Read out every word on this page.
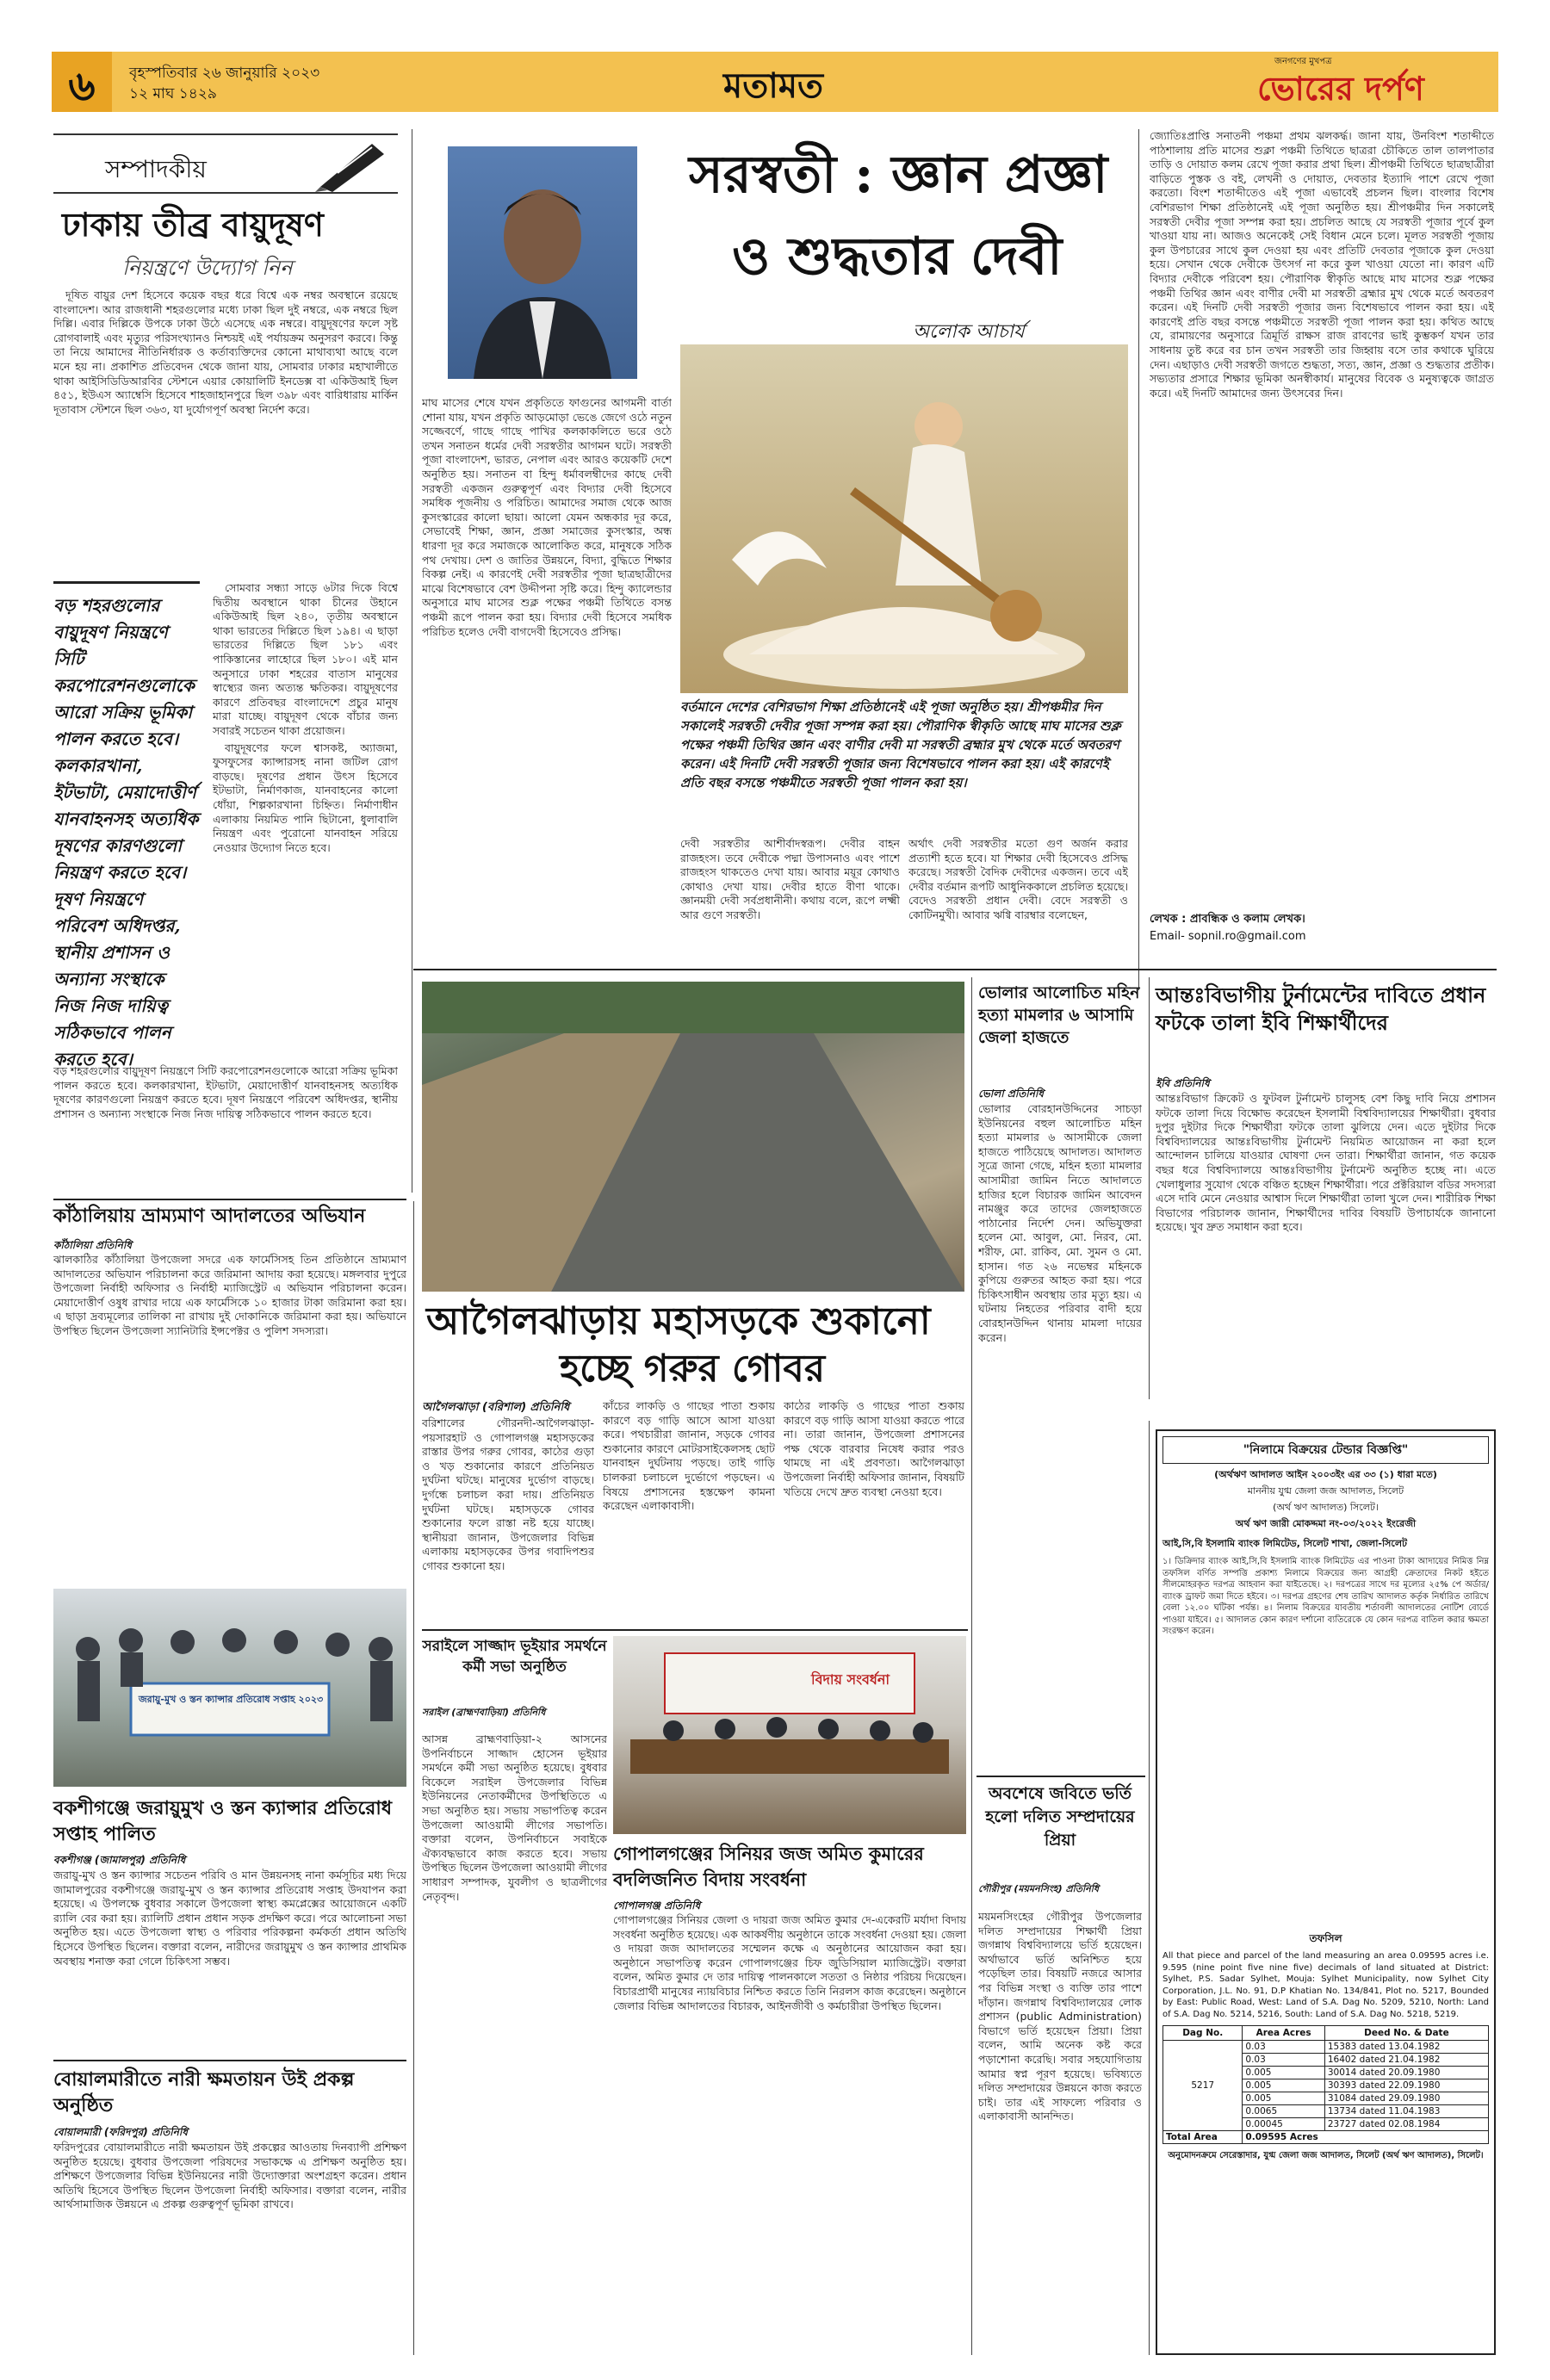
৬	বৃহস্পতিবার ২৬ জানুয়ারি ২০২৩
১২ মাঘ ১৪২৯	মতামত
জনগণের মুখপত্র
ভোরের দর্পণ
সম্পাদকীয়
ঢাকায় তীব্র বায়ুদূষণ
নিয়ন্ত্রণে উদ্যোগ নিন

দূষিত বায়ুর দেশ হিসেবে কয়েক বছর ধরে বিশ্বে এক নম্বর অবস্থানে রয়েছে বাংলাদেশ। আর রাজধানী শহরগুলোর মধ্যে ঢাকা ছিল দুই নম্বরে, এক নম্বরে ছিল দিল্লি। এবার দিল্লিকে উপকে ঢাকা উঠে এসেছে এক নম্বরে। বায়ুদূষণের ফলে সৃষ্ট রোগবালাই এবং মৃত্যুর পরিসংখ্যানও নিশ্চয়ই এই পর্যায়ক্রম অনুসরণ করবে। কিন্তু তা নিয়ে আমাদের নীতিনির্ধারক ও কর্তাব্যক্তিদের কোনো মাথাব্যথা আছে বলে মনে হয় না। প্রকাশিত প্রতিবেদন থেকে জানা যায়, সোমবার ঢাকার মহাখালীতে থাকা আইসিডিডিআরবির স্টেশনে এয়ার কোয়ালিটি ইনডেক্স বা একিউআই ছিল ৪৫১, ইউএস অ্যাম্বেসি হিসেবে শাহজাহানপুরে ছিল ৩৯৮ এবং বারিধারায় মার্কিন দূতাবাস স্টেশনে ছিল ৩৬৩, যা দুর্যোগপূর্ণ অবস্থা নির্দেশ করে।

বড় শহরগুলোর বায়ুদূষণ নিয়ন্ত্রণে সিটি করপোরেশনগুলোকে আরো সক্রিয় ভূমিকা পালন করতে হবে। কলকারখানা, ইটভাটা, মেয়াদোত্তীর্ণ যানবাহনসহ অত্যধিক দূষণের কারণগুলো নিয়ন্ত্রণ করতে হবে। দূষণ নিয়ন্ত্রণে পরিবেশ অধিদপ্তর, স্থানীয় প্রশাসন ও অন্যান্য সংস্থাকে নিজ নিজ দায়িত্ব সঠিকভাবে পালন করতে হবে।

সোমবার সন্ধ্যা সাড়ে ৬টার দিকে বিশ্বে দ্বিতীয় অবস্থানে থাকা চীনের উহানে একিউআই ছিল ২৪০, তৃতীয় অবস্থানে থাকা ভারতের দিল্লিতে ছিল ১৯৪। এ ছাড়া ভারতের দিল্লিতে ছিল ১৮১ এবং পাকিস্তানের লাহোরে ছিল ১৮০। এই মান অনুসারে ঢাকা শহরের বাতাস মানুষের স্বাস্থ্যের জন্য অত্যন্ত ক্ষতিকর। বায়ুদূষণের কারণে প্রতিবছর বাংলাদেশে প্রচুর মানুষ মারা যাচ্ছে। বায়ুদূষণ থেকে বাঁচার জন্য সবারই সচেতন থাকা প্রয়োজন।

বায়ুদূষণের ফলে শ্বাসকষ্ট, অ্যাজমা, ফুসফুসের ক্যান্সারসহ নানা জটিল রোগ বাড়ছে। দূষণের প্রধান উৎস হিসেবে ইটভাটা, নির্মাণকাজ, যানবাহনের কালো ধোঁয়া, শিল্পকারখানা চিহ্নিত। নির্মাণাধীন এলাকায় নিয়মিত পানি ছিটানো, ধুলাবালি নিয়ন্ত্রণ এবং পুরোনো যানবাহন সরিয়ে নেওয়ার উদ্যোগ নিতে হবে।

বড় শহরগুলোর বায়ুদূষণ নিয়ন্ত্রণে সিটি করপোরেশনগুলোকে আরো সক্রিয় ভূমিকা পালন করতে হবে। কলকারখানা, ইটভাটা, মেয়াদোত্তীর্ণ যানবাহনসহ অত্যধিক দূষণের কারণগুলো নিয়ন্ত্রণ করতে হবে। দূষণ নিয়ন্ত্রণে পরিবেশ অধিদপ্তর, স্থানীয় প্রশাসন ও অন্যান্য সংস্থাকে নিজ নিজ দায়িত্ব সঠিকভাবে পালন করতে হবে।
সরস্বতী : জ্ঞান প্রজ্ঞা
ও শুদ্ধতার দেবী
অলোক আচার্য
মাঘ মাসের শেষে যখন প্রকৃতিতে ফাগুনের আগমনী বার্তা শোনা যায়, যখন প্রকৃতি আড়মোড়া ভেঙে জেগে ওঠে নতুন সজ্জেবর্ণে, গাছে গাছে পাখির কলকাকলিতে ভরে ওঠে তখন সনাতন ধর্মের দেবী সরস্বতীর আগমন ঘটে। সরস্বতী পূজা বাংলাদেশ, ভারত, নেপাল এবং আরও কয়েকটি দেশে অনুষ্ঠিত হয়। সনাতন বা হিন্দু ধর্মাবলম্বীদের কাছে দেবী সরস্বতী একজন গুরুত্বপূর্ণ এবং বিদ্যার দেবী হিসেবে সমধিক পূজনীয় ও পরিচিত। আমাদের সমাজ থেকে আজ কুসংস্কারের কালো ছায়া। আলো যেমন অন্ধকার দূর করে, সেভাবেই শিক্ষা, জ্ঞান, প্রজ্ঞা সমাজের কুসংস্কার, অন্ধ ধারণা দূর করে সমাজকে আলোকিত করে, মানুষকে সঠিক পথ দেখায়। দেশ ও জাতির উন্নয়নে, বিদ্যা, বুদ্ধিতে শিক্ষার বিকল্প নেই। এ কারণেই দেবী সরস্বতীর পূজা ছাত্রছাত্রীদের মাঝে বিশেষভাবে বেশ উদ্দীপনা সৃষ্টি করে। হিন্দু ক্যালেন্ডার অনুসারে মাঘ মাসের শুক্ল পক্ষের পঞ্চমী তিথিতে বসন্ত পঞ্চমী রূপে পালন করা হয়। বিদ্যার দেবী হিসেবে সমধিক পরিচিত হলেও দেবী বাগদেবী হিসেবেও প্রসিদ্ধ।
বর্তমানে দেশের বেশিরভাগ শিক্ষা প্রতিষ্ঠানেই এই পূজা অনুষ্ঠিত হয়। শ্রীপঞ্চমীর দিন সকালেই সরস্বতী দেবীর পূজা সম্পন্ন করা হয়। পৌরাণিক স্বীকৃতি আছে মাঘ মাসের শুক্ল পক্ষের পঞ্চমী তিথির জ্ঞান এবং বাণীর দেবী মা সরস্বতী ব্রহ্মার মুখ থেকে মর্তে অবতরণ করেন। এই দিনটি দেবী সরস্বতী পূজার জন্য বিশেষভাবে পালন করা হয়। এই কারণেই প্রতি বছর বসন্তে পঞ্চমীতে সরস্বতী পূজা পালন করা হয়।
দেবী সরস্বতীর আশীর্বাদস্বরূপ। দেবীর বাহন রাজহংস। তবে দেবীকে পদ্মা উপাসনাও এবং পাশে রাজহংস থাকতেও দেখা যায়। আবার ময়ূর কোথাও কোথাও দেখা যায়। দেবীর হাতে বীণা থাকে। জ্ঞানময়ী দেবী সর্বপ্রধানীনী। কথায় বলে, রূপে লক্ষ্মী আর গুণে সরস্বতী।
অর্থাৎ দেবী সরস্বতীর মতো গুণ অর্জন করার প্রত্যাশী হতে হবে। যা শিক্ষার দেবী হিসেবেও প্রসিদ্ধ করেছে। সরস্বতী বৈদিক দেবীদের একজন। তবে এই দেবীর বর্তমান রূপটি আধুনিককালে প্রচলিত হয়েছে। বেদেও সরস্বতী প্রধান দেবী। বেদে সরস্বতী ও কোটিনমুখী। আবার ঋগ্বি বারম্বার বলেছেন,
জ্যোতিঃপ্রাপ্তি সনাতনী পঞ্চমা প্রথম ঝলকর্দ্ধ। জানা যায়, উনবিংশ শতাব্দীতে পাঠশালায় প্রতি মাসের শুক্লা পঞ্চমী তিথিতে ছাত্ররা চৌকিতে তাল তালপাতার তাড়ি ও দোয়াত কলম রেখে পূজা করার প্রথা ছিল। শ্রীপঞ্চমী তিথিতে ছাত্রছাত্রীরা বাড়িতে পুস্তক ও বই, লেখনী ও দোয়াত, দেবতার ইত্যাদি পাশে রেখে পূজা করতো। বিংশ শতাব্দীতেও এই পূজা এভাবেই প্রচলন ছিল। বাংলার বিশেষ বেশিরভাগ শিক্ষা প্রতিষ্ঠানেই এই পূজা অনুষ্ঠিত হয়। শ্রীপঞ্চমীর দিন সকালেই সরস্বতী দেবীর পূজা সম্পন্ন করা হয়। প্রচলিত আছে যে সরস্বতী পূজার পূর্বে কুল খাওয়া যায় না। আজও অনেকেই সেই বিধান মেনে চলে। মূলত সরস্বতী পূজায় কুল উপচারের সাথে কুল দেওয়া হয় এবং প্রতিটি দেবতার পূজাকে কুল দেওয়া হয়ে। সেখান থেকে দেবীকে উৎসর্গ না করে কুল খাওয়া যেতো না। কারণ এটি বিদ্যার দেবীকে পরিবেশ হয়। পৌরাণিক স্বীকৃতি আছে মাঘ মাসের শুক্ল পক্ষের পঞ্চমী তিথির জ্ঞান এবং বাণীর দেবী মা সরস্বতী ব্রহ্মার মুখ থেকে মর্তে অবতরণ করেন। এই দিনটি দেবী সরস্বতী পূজার জন্য বিশেষভাবে পালন করা হয়। এই কারণেই প্রতি বছর বসন্তে পঞ্চমীতে সরস্বতী পূজা পালন করা হয়। কথিত আছে যে, রামায়ণের অনুসারে ত্রিমূর্তি রাক্ষস রাজ রাবণের ভাই কুম্ভকর্ণ যখন তার সাধনায় তুষ্ট করে বর চান তখন সরস্বতী তার জিহ্বায় বসে তার কথাকে ঘুরিয়ে দেন। এছাড়াও দেবী সরস্বতী জগতে শুদ্ধতা, সত্য, জ্ঞান, প্রজ্ঞা ও শুদ্ধতার প্রতীক। সভ্যতার প্রসারে শিক্ষার ভূমিকা অনস্বীকার্য। মানুষের বিবেক ও মনুষ্যত্বকে জাগ্রত করে। এই দিনটি আমাদের জন্য উৎসবের দিন।
লেখক : প্রাবন্ধিক ও কলাম লেখক।
Email- sopnil.ro@gmail.com
আগৈলঝাড়ায় মহাসড়কে শুকানো
হচ্ছে গরুর গোবর
আগৈলঝাড়া (বরিশাল) প্রতিনিধি
বরিশালের গৌরনদী-আগৈলঝাড়া-পয়সারহাট ও গোপালগঞ্জ মহাসড়কের রাস্তার উপর গরুর গোবর, কাঠের গুড়া ও খড় শুকানোর কারণে প্রতিনিয়ত দুর্ঘটনা ঘটছে। মানুষের দুর্ভোগ বাড়ছে। দুর্গন্ধে চলাচল করা দায়। প্রতিনিয়ত দুর্ঘটনা ঘটছে। মহাসড়কে গোবর শুকানোর ফলে রাস্তা নষ্ট হয়ে যাচ্ছে। স্থানীয়রা জানান, উপজেলার বিভিন্ন এলাকায় মহাসড়কের উপর গবাদিপশুর গোবর শুকানো হয়।
কাঁচের লাকড়ি ও গাছের পাতা শুকায় কারণে বড় গাড়ি আসে আসা যাওয়া করে। পথচারীরা জানান, সড়কে গোবর শুকানোর কারণে মোটরসাইকেলসহ ছোট যানবাহন দুর্ঘটনায় পড়ছে। তাই গাড়ি চালকরা চলাচলে দুর্ভোগে পড়ছেন। এ বিষয়ে প্রশাসনের হস্তক্ষেপ কামনা করেছেন এলাকাবাসী।
কাঠের লাকড়ি ও গাছের পাতা শুকায় কারণে বড় গাড়ি আসা যাওয়া করতে পারে না। তারা জানান, উপজেলা প্রশাসনের পক্ষ থেকে বারবার নিষেধ করার পরও থামছে না এই প্রবণতা। আগৈলঝাড়া উপজেলা নির্বাহী অফিসার জানান, বিষয়টি খতিয়ে দেখে দ্রুত ব্যবস্থা নেওয়া হবে।
ভোলার আলোচিত মহিন হত্যা মামলার ৬ আসামি জেলা হাজতে
ভোলা প্রতিনিধি
ভোলার বোরহানউদ্দিনের সাচড়া ইউনিয়নের বহুল আলোচিত মহিন হত্যা মামলার ৬ আসামীকে জেলা হাজতে পাঠিয়েছে আদালত। আদালত সূত্রে জানা গেছে, মহিন হত্যা মামলার আসামীরা জামিন নিতে আদালতে হাজির হলে বিচারক জামিন আবেদন নামঞ্জুর করে তাদের জেলহাজতে পাঠানোর নির্দেশ দেন। অভিযুক্তরা হলেন মো. আবুল, মো. নিরব, মো. শরীফ, মো. রাকিব, মো. সুমন ও মো. হাসান। গত ২৬ নভেম্বর মহিনকে কুপিয়ে গুরুতর আহত করা হয়। পরে চিকিৎসাধীন অবস্থায় তার মৃত্যু হয়। এ ঘটনায় নিহতের পরিবার বাদী হয়ে বোরহানউদ্দিন থানায় মামলা দায়ের করেন।
আন্তঃবিভাগীয় টুর্নামেন্টের দাবিতে প্রধান ফটকে তালা ইবি শিক্ষার্থীদের
ইবি প্রতিনিধি
আন্তঃবিভাগ ক্রিকেট ও ফুটবল টুর্নামেন্ট চালুসহ বেশ কিছু দাবি নিয়ে প্রশাসন ফটকে তালা দিয়ে বিক্ষোভ করেছেন ইসলামী বিশ্ববিদ্যালয়ের শিক্ষার্থীরা। বুধবার দুপুর দুইটার দিকে শিক্ষার্থীরা ফটকে তালা ঝুলিয়ে দেন। এতে দুইটার দিকে বিশ্ববিদ্যালয়ের আন্তঃবিভাগীয় টুর্নামেন্ট নিয়মিত আয়োজন না করা হলে আন্দোলন চালিয়ে যাওয়ার ঘোষণা দেন তারা। শিক্ষার্থীরা জানান, গত কয়েক বছর ধরে বিশ্ববিদ্যালয়ে আন্তঃবিভাগীয় টুর্নামেন্ট অনুষ্ঠিত হচ্ছে না। এতে খেলাধুলার সুযোগ থেকে বঞ্চিত হচ্ছেন শিক্ষার্থীরা। পরে প্রক্টরিয়াল বডির সদস্যরা এসে দাবি মেনে নেওয়ার আশ্বাস দিলে শিক্ষার্থীরা তালা খুলে দেন। শারীরিক শিক্ষা বিভাগের পরিচালক জানান, শিক্ষার্থীদের দাবির বিষয়টি উপাচার্যকে জানানো হয়েছে। খুব দ্রুত সমাধান করা হবে।
কাঁঠালিয়ায় ভ্রাম্যমাণ আদালতের অভিযান
কাঁঠালিয়া প্রতিনিধি
ঝালকাঠির কাঁঠালিয়া উপজেলা সদরে এক ফার্মেসিসহ তিন প্রতিষ্ঠানে ভ্রাম্যমাণ আদালতের অভিযান পরিচালনা করে জরিমানা আদায় করা হয়েছে। মঙ্গলবার দুপুরে উপজেলা নির্বাহী অফিসার ও নির্বাহী ম্যাজিস্ট্রেট এ অভিযান পরিচালনা করেন। মেয়াদোত্তীর্ণ ওষুধ রাখার দায়ে এক ফার্মেসিকে ১০ হাজার টাকা জরিমানা করা হয়। এ ছাড়া দ্রব্যমূল্যের তালিকা না রাখায় দুই দোকানিকে জরিমানা করা হয়। অভিযানে উপস্থিত ছিলেন উপজেলা স্যানিটারি ইন্সপেক্টর ও পুলিশ সদস্যরা।
জরায়ু-মুখ ও স্তন ক্যান্সার প্রতিরোধ সপ্তাহ ২০২৩
বকশীগঞ্জে জরায়ুমুখ ও স্তন ক্যান্সার প্রতিরোধ সপ্তাহ পালিত
বকশীগঞ্জ (জামালপুর) প্রতিনিধি
জরায়ু-মুখ ও স্তন ক্যান্সার সচেতন পরিবি ও মান উন্নয়নসহ নানা কর্মসূচির মধ্য দিয়ে জামালপুরের বকশীগঞ্জে জরায়ু-মুখ ও স্তন ক্যান্সার প্রতিরোধ সপ্তাহ উদযাপন করা হয়েছে। এ উপলক্ষে বুধবার সকালে উপজেলা স্বাস্থ্য কমপ্লেক্সের আয়োজনে একটি র‌্যালি বের করা হয়। র‌্যালিটি প্রধান প্রধান সড়ক প্রদক্ষিণ করে। পরে আলোচনা সভা অনুষ্ঠিত হয়। এতে উপজেলা স্বাস্থ্য ও পরিবার পরিকল্পনা কর্মকর্তা প্রধান অতিথি হিসেবে উপস্থিত ছিলেন। বক্তারা বলেন, নারীদের জরায়ুমুখ ও স্তন ক্যান্সার প্রাথমিক অবস্থায় শনাক্ত করা গেলে চিকিৎসা সম্ভব।
বোয়ালমারীতে নারী ক্ষমতায়ন উই প্রকল্প অনুষ্ঠিত
বোয়ালমারী (ফরিদপুর) প্রতিনিধি
ফরিদপুরের বোয়ালমারীতে নারী ক্ষমতায়ন উই প্রকল্পের আওতায় দিনব্যাপী প্রশিক্ষণ অনুষ্ঠিত হয়েছে। বুধবার উপজেলা পরিষদের সভাকক্ষে এ প্রশিক্ষণ অনুষ্ঠিত হয়। প্রশিক্ষণে উপজেলার বিভিন্ন ইউনিয়নের নারী উদ্যোক্তারা অংশগ্রহণ করেন। প্রধান অতিথি হিসেবে উপস্থিত ছিলেন উপজেলা নির্বাহী অফিসার। বক্তারা বলেন, নারীর আর্থসামাজিক উন্নয়নে এ প্রকল্প গুরুত্বপূর্ণ ভূমিকা রাখবে।
সরাইলে সাজ্জাদ ভূইয়ার সমর্থনে কর্মী সভা অনুষ্ঠিত
সরাইল (ব্রাহ্মণবাড়িয়া) প্রতিনিধি
আসন্ন ব্রাহ্মণবাড়িয়া-২ আসনের উপনির্বাচনে সাজ্জাদ হোসেন ভূইয়ার সমর্থনে কর্মী সভা অনুষ্ঠিত হয়েছে। বুধবার বিকেলে সরাইল উপজেলার বিভিন্ন ইউনিয়নের নেতাকর্মীদের উপস্থিতিতে এ সভা অনুষ্ঠিত হয়। সভায় সভাপতিত্ব করেন উপজেলা আওয়ামী লীগের সভাপতি। বক্তারা বলেন, উপনির্বাচনে সবাইকে ঐক্যবদ্ধভাবে কাজ করতে হবে। সভায় উপস্থিত ছিলেন উপজেলা আওয়ামী লীগের সাধারণ সম্পাদক, যুবলীগ ও ছাত্রলীগের নেতৃবৃন্দ।
বিদায় সংবর্ধনা
গোপালগঞ্জের সিনিয়র জজ অমিত কুমারের বদলিজনিত বিদায় সংবর্ধনা
গোপালগঞ্জ প্রতিনিধি
গোপালগঞ্জের সিনিয়র জেলা ও দায়রা জজ অমিত কুমার দে-একেরটি মর্যাদা বিদায় সংবর্ধনা অনুষ্ঠিত হয়েছে। এক আকর্ষণীয় অনুষ্ঠানে তাকে সংবর্ধনা দেওয়া হয়। জেলা ও দায়রা জজ আদালতের সম্মেলন কক্ষে এ অনুষ্ঠানের আয়োজন করা হয়। অনুষ্ঠানে সভাপতিত্ব করেন গোপালগঞ্জের চিফ জুডিসিয়াল ম্যাজিস্ট্রেট। বক্তারা বলেন, অমিত কুমার দে তার দায়িত্ব পালনকালে সততা ও নিষ্ঠার পরিচয় দিয়েছেন। বিচারপ্রার্থী মানুষের ন্যায়বিচার নিশ্চিত করতে তিনি নিরলস কাজ করেছেন। অনুষ্ঠানে জেলার বিভিন্ন আদালতের বিচারক, আইনজীবী ও কর্মচারীরা উপস্থিত ছিলেন।
অবশেষে জবিতে ভর্তি হলো দলিত সম্প্রদায়ের প্রিয়া
গৌরীপুর (ময়মনসিংহ) প্রতিনিধি
ময়মনসিংহের গৌরীপুর উপজেলার দলিত সম্প্রদায়ের শিক্ষার্থী প্রিয়া জগন্নাথ বিশ্ববিদ্যালয়ে ভর্তি হয়েছেন। অর্থাভাবে ভর্তি অনিশ্চিত হয়ে পড়েছিল তার। বিষয়টি নজরে আসার পর বিভিন্ন সংস্থা ও ব্যক্তি তার পাশে দাঁড়ান। জগন্নাথ বিশ্ববিদ্যালয়ের লোক প্রশাসন (public Administration) বিভাগে ভর্তি হয়েছেন প্রিয়া। প্রিয়া বলেন, আমি অনেক কষ্ট করে পড়াশোনা করেছি। সবার সহযোগিতায় আমার স্বপ্ন পূরণ হয়েছে। ভবিষ্যতে দলিত সম্প্রদায়ের উন্নয়নে কাজ করতে চাই। তার এই সাফল্যে পরিবার ও এলাকাবাসী আনন্দিত।
"নিলামে বিক্রয়ের টেন্ডার বিজ্ঞপ্তি"
(অর্থঋণ আদালত আইন ২০০৩ইং এর ৩৩ (১) ধারা মতে)
মাননীয় যুগ্ম জেলা জজ আদালত, সিলেট
(অর্থ ঋণ আদালত) সিলেট।
অর্থ ঋণ জারী মোকদ্দমা নং-০৩/২০২২ ইংরেজী
আই,সি,বি ইসলামি ব্যাংক লিমিটেড, সিলেট শাখা, জেলা-সিলেট
১। ডিক্রিদার ব্যাংক আই,সি,বি ইসলামি ব্যাংক লিমিটেড এর পাওনা টাকা আদায়ের নিমিত্ত নিম্ন তফসিল বর্ণিত সম্পত্তি প্রকাশ্য নিলামে বিক্রয়ের জন্য আগ্রহী ক্রেতাদের নিকট হইতে সীলমোহরকৃত দরপত্র আহবান করা যাইতেছে। ২। দরপত্রের সাথে দর মূল্যের ২৫% পে অর্ডার/ব্যাংক ড্রাফট জমা দিতে হইবে। ৩। দরপত্র গ্রহণের শেষ তারিখ আদালত কর্তৃক নির্ধারিত তারিখে বেলা ১২.০০ ঘটিকা পর্যন্ত। ৪। নিলাম বিক্রয়ের যাবতীয় শর্তাবলী আদালতের নোটিশ বোর্ডে পাওয়া যাইবে। ৫। আদালত কোন কারণ দর্শানো ব্যতিরেকে যে কোন দরপত্র বাতিল করার ক্ষমতা সংরক্ষণ করেন।
তফসিল
All that piece and parcel of the land measuring an area 0.09595 acres i.e. 9.595 (nine point five nine five) decimals of land situated at District: Sylhet, P.S. Sadar Sylhet, Mouja: Sylhet Municipality, now Sylhet City Corporation, J.L. No. 91, D.P Khatian No. 134/841, Plot no. 5217, Bounded by East: Public Road, West: Land of S.A. Dag No. 5209, 5210, North: Land of S.A. Dag No. 5214, 5216, South: Land of S.A. Dag No. 5218, 5219.
Dag No.	Area Acres	Deed No. & Date
5217	0.03	15383 dated 13.04.1982
	0.03	16402 dated 21.04.1982
	0.005	30014 dated 20.09.1980
	0.005	30393 dated 22.09.1980
	0.005	31084 dated 29.09.1980
	0.0065	13734 dated 11.04.1983
	0.00045	23727 dated 02.08.1984
Total Area	0.09595 Acres	
অনুমোদনক্রমে সেরেস্তাদার, যুগ্ম জেলা জজ আদালত, সিলেট (অর্থ ঋণ আদালত), সিলেট।
